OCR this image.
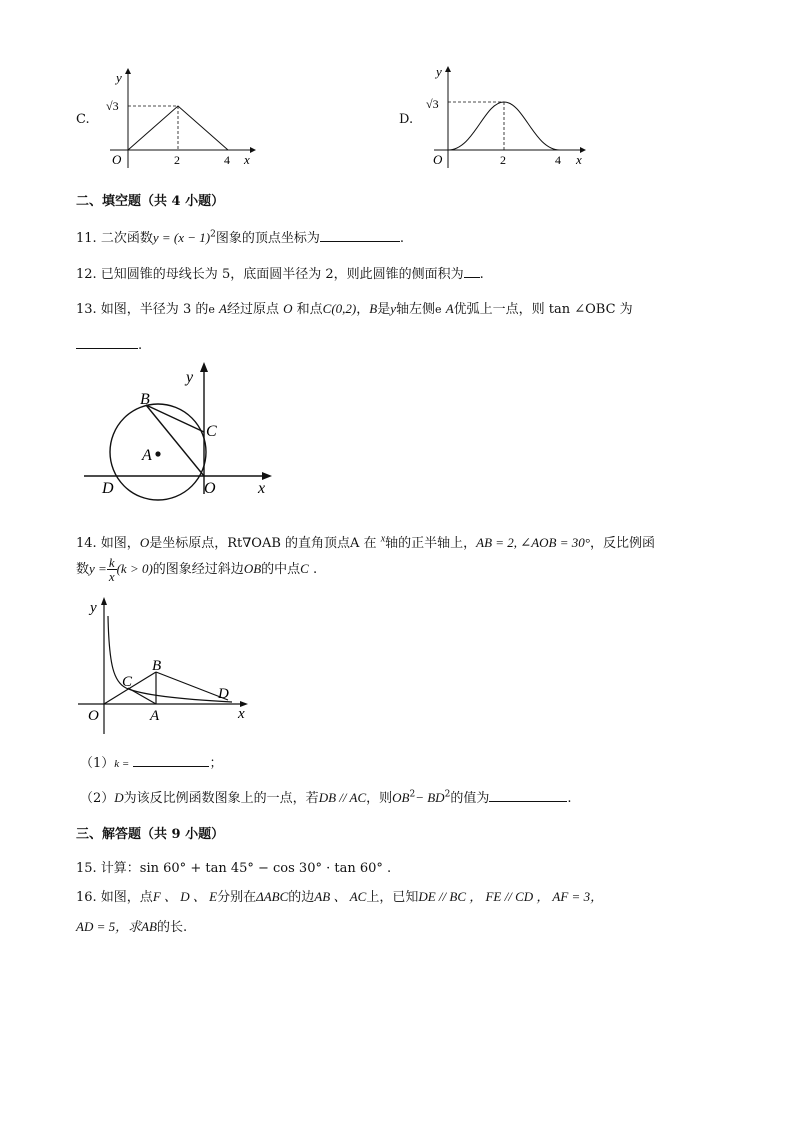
C.
y
√3
O	2	4 x
D.
y
√3
O	2	4 x
二、填空题（共 4 小题）
11. 二次函数$y = (x - 1)^2$图象的顶点坐标为	.
12. 已知圆锥的母线长为 5，底面圆半径为 2，则此圆锥的侧面积为 .
13. 如图，半径为 3 的e A经过原点 O 和点C(0,2)，B是y轴左侧e A优弧上一点，则 tan ∠OBC 为
.
y
B
C
A
D	O	x
14. 如图，O是坐标原点，Rt∇OAB 的直角顶点A 在 $^x$轴的正半轴上，AB = 2, ∠AOB = 30°，反比例函
数$y = \frac{k}{x} (k > 0)$的图象经过斜边OB的中点C .
y
B
C
D
O	A	x
（1）k =	；
（2）D为该反比例函数图象上的一点，若DB // AC，则$OB^2- BD^2$的值为	.
三、解答题（共 9 小题）
15. 计算：sin 60° + tan 45° − cos 30° · tan 60° .
16. 如图，点F 、 D 、 E分别在ΔABC的边AB 、 AC上，已知DE // BC ， FE // CD ， AF = 3，
AD = 5，求AB的长.
